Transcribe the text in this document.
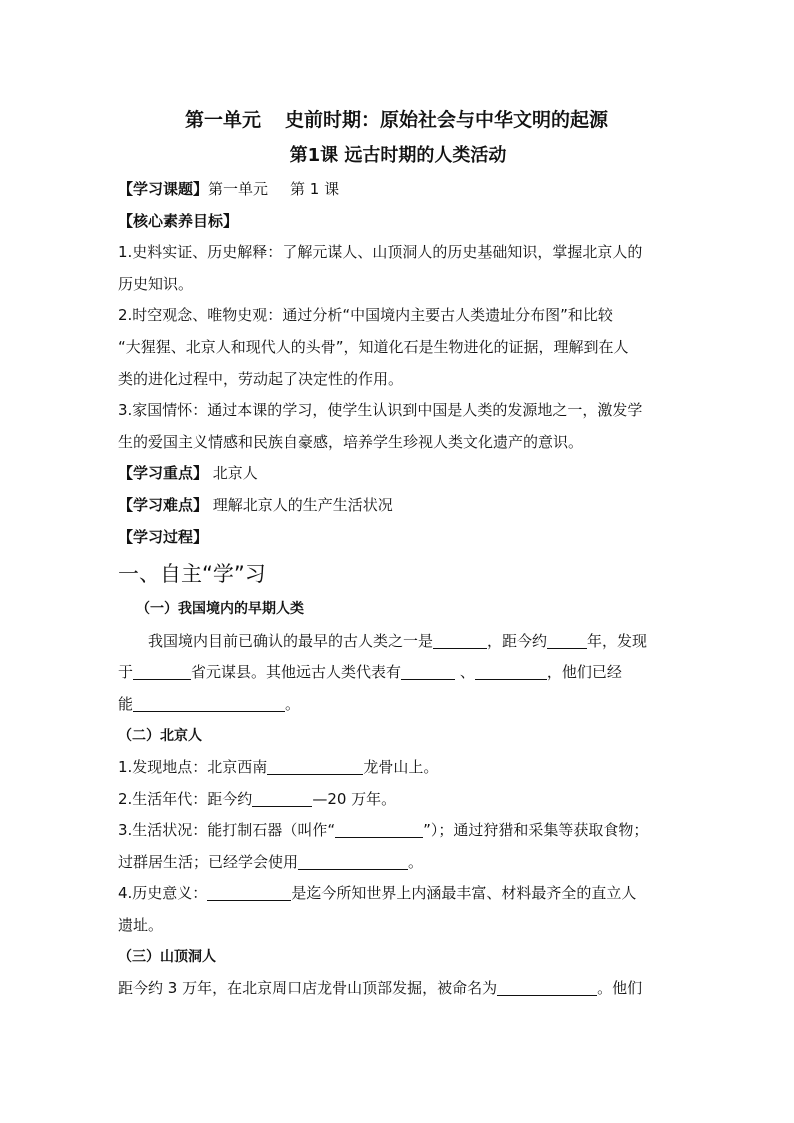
第一单元 史前时期：原始社会与中华文明的起源
第1课 远古时期的人类活动
【学习课题】第一单元 第 1 课
【核心素养目标】
1.史料实证、历史解释：了解元谋人、山顶洞人的历史基础知识，掌握北京人的
历史知识。
2.时空观念、唯物史观：通过分析“中国境内主要古人类遗址分布图”和比较
“大猩猩、北京人和现代人的头骨”，知道化石是生物进化的证据，理解到在人
类的进化过程中，劳动起了决定性的作用。
3.家国情怀：通过本课的学习，使学生认识到中国是人类的发源地之一，激发学
生的爱国主义情感和民族自豪感，培养学生珍视人类文化遗产的意识。
【学习重点】 北京人
【学习难点】 理解北京人的生产生活状况
【学习过程】
一、自主“学”习
（一）我国境内的早期人类
我国境内目前已确认的最早的古人类之一是	，距今约	年，发现
于	省元谋县。其他远古人类代表有	、	，他们已经
能	。
（二）北京人
1.发现地点：北京西南	龙骨山上。
2.生活年代：距今约	—20 万年。
3.生活状况：能打制石器（叫作“	”）；通过狩猎和采集等获取食物；
过群居生活；已经学会使用	。
4.历史意义：	是迄今所知世界上内涵最丰富、材料最齐全的直立人
遗址。
（三）山顶洞人
距今约 3 万年，在北京周口店龙骨山顶部发掘，被命名为	。他们
